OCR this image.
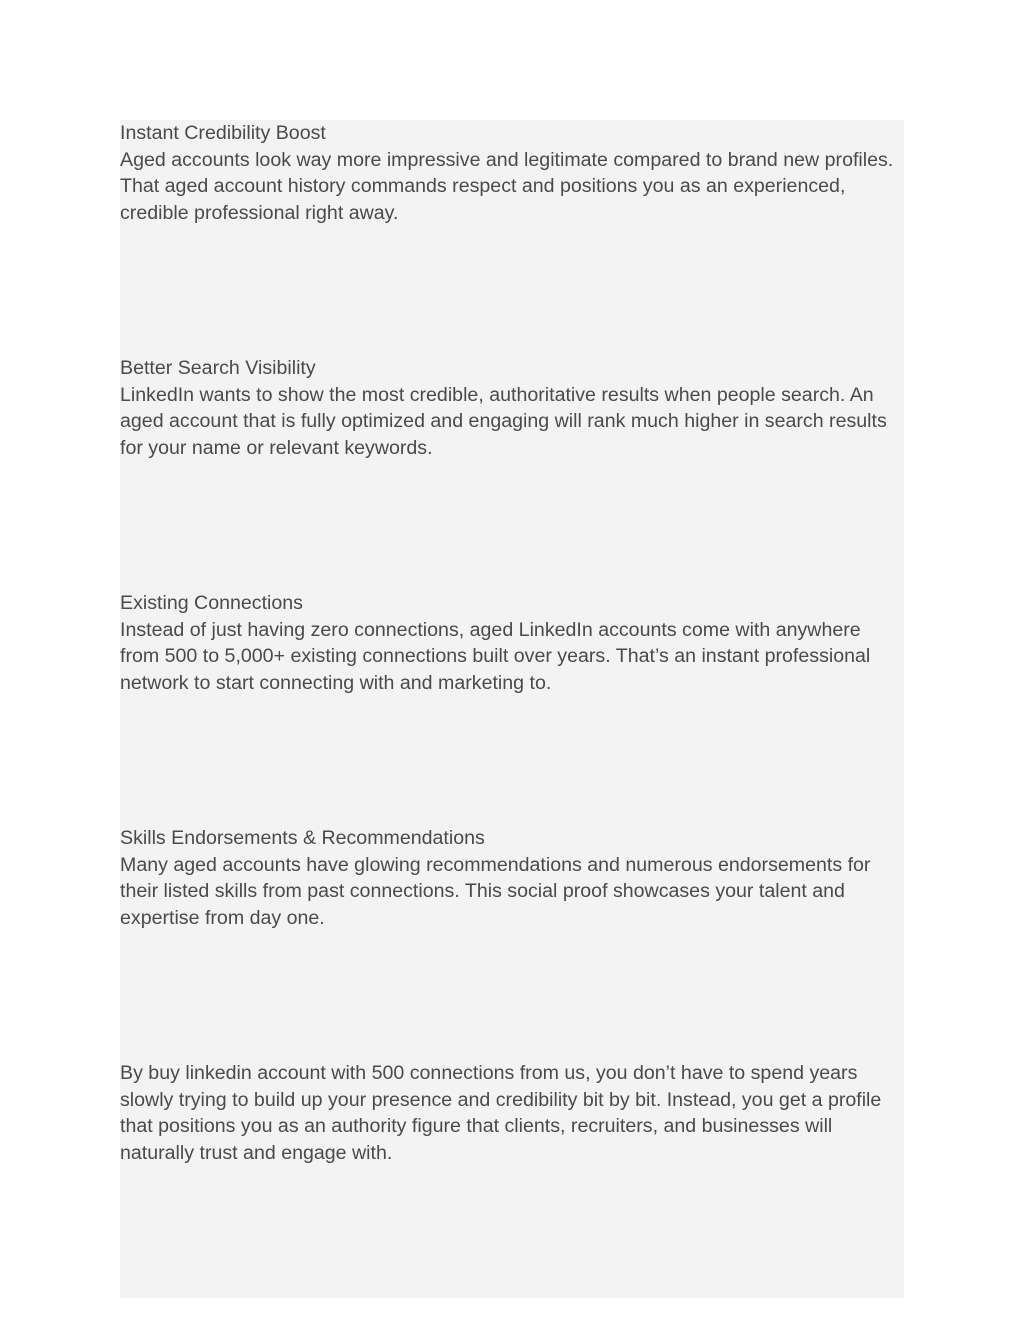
Instant Credibility Boost

Aged accounts look way more impressive and legitimate compared to brand new profiles. That aged account history commands respect and positions you as an experienced, credible professional right away.

Better Search Visibility

LinkedIn wants to show the most credible, authoritative results when people search. An aged account that is fully optimized and engaging will rank much higher in search results for your name or relevant keywords.

Existing Connections

Instead of just having zero connections, aged LinkedIn accounts come with anywhere from 500 to 5,000+ existing connections built over years. That’s an instant professional network to start connecting with and marketing to.

Skills Endorsements & Recommendations

Many aged accounts have glowing recommendations and numerous endorsements for their listed skills from past connections. This social proof showcases your talent and expertise from day one.

By buy linkedin account with 500 connections from us, you don’t have to spend years slowly trying to build up your presence and credibility bit by bit. Instead, you get a profile that positions you as an authority figure that clients, recruiters, and businesses will naturally trust and engage with.
